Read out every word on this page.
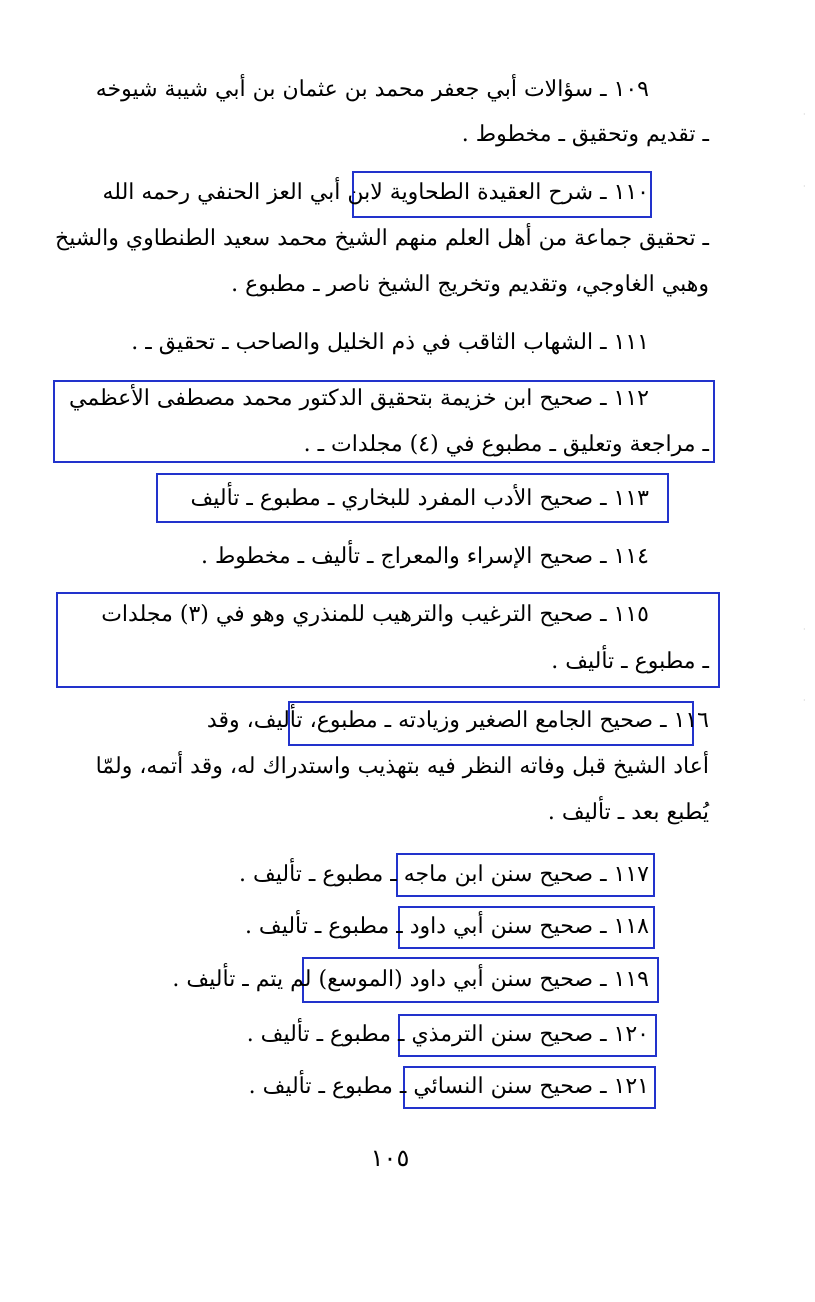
١٠٩ ـ سؤالات أبي جعفر محمد بن عثمان بن أبي شيبة شيوخه
ـ تقديم وتحقيق ـ مخطوط .
١١٠ ـ شرح العقيدة الطحاوية لابن أبي العز الحنفي رحمه الله
ـ تحقيق جماعة من أهل العلم منهم الشيخ محمد سعيد الطنطاوي والشيخ
وهبي الغاوجي، وتقديم وتخريج الشيخ ناصر ـ مطبوع .
١١١ ـ الشهاب الثاقب في ذم الخليل والصاحب ـ تحقيق ـ .
١١٢ ـ صحيح ابن خزيمة بتحقيق الدكتور محمد مصطفى الأعظمي
ـ مراجعة وتعليق ـ مطبوع في (٤) مجلدات ـ .
١١٣ ـ صحيح الأدب المفرد للبخاري ـ مطبوع ـ تأليف
١١٤ ـ صحيح الإسراء والمعراج ـ تأليف ـ مخطوط .
١١٥ ـ صحيح الترغيب والترهيب للمنذري وهو في (٣) مجلدات
ـ مطبوع ـ تأليف .
١١٦ ـ صحيح الجامع الصغير وزيادته ـ مطبوع، تأليف، وقد
أعاد الشيخ قبل وفاته النظر فيه بتهذيب واستدراك له، وقد أتمه، ولمّا
يُطبع بعد ـ تأليف .
١١٧ ـ صحيح سنن ابن ماجه ـ مطبوع ـ تأليف .
١١٨ ـ صحيح سنن أبي داود ـ مطبوع ـ تأليف .
١١٩ ـ صحيح سنن أبي داود (الموسع) لم يتم ـ تأليف .
١٢٠ ـ صحيح سنن الترمذي ـ مطبوع ـ تأليف .
١٢١ ـ صحيح سنن النسائي ـ مطبوع ـ تأليف .
١٠٥
·
·
·
·
